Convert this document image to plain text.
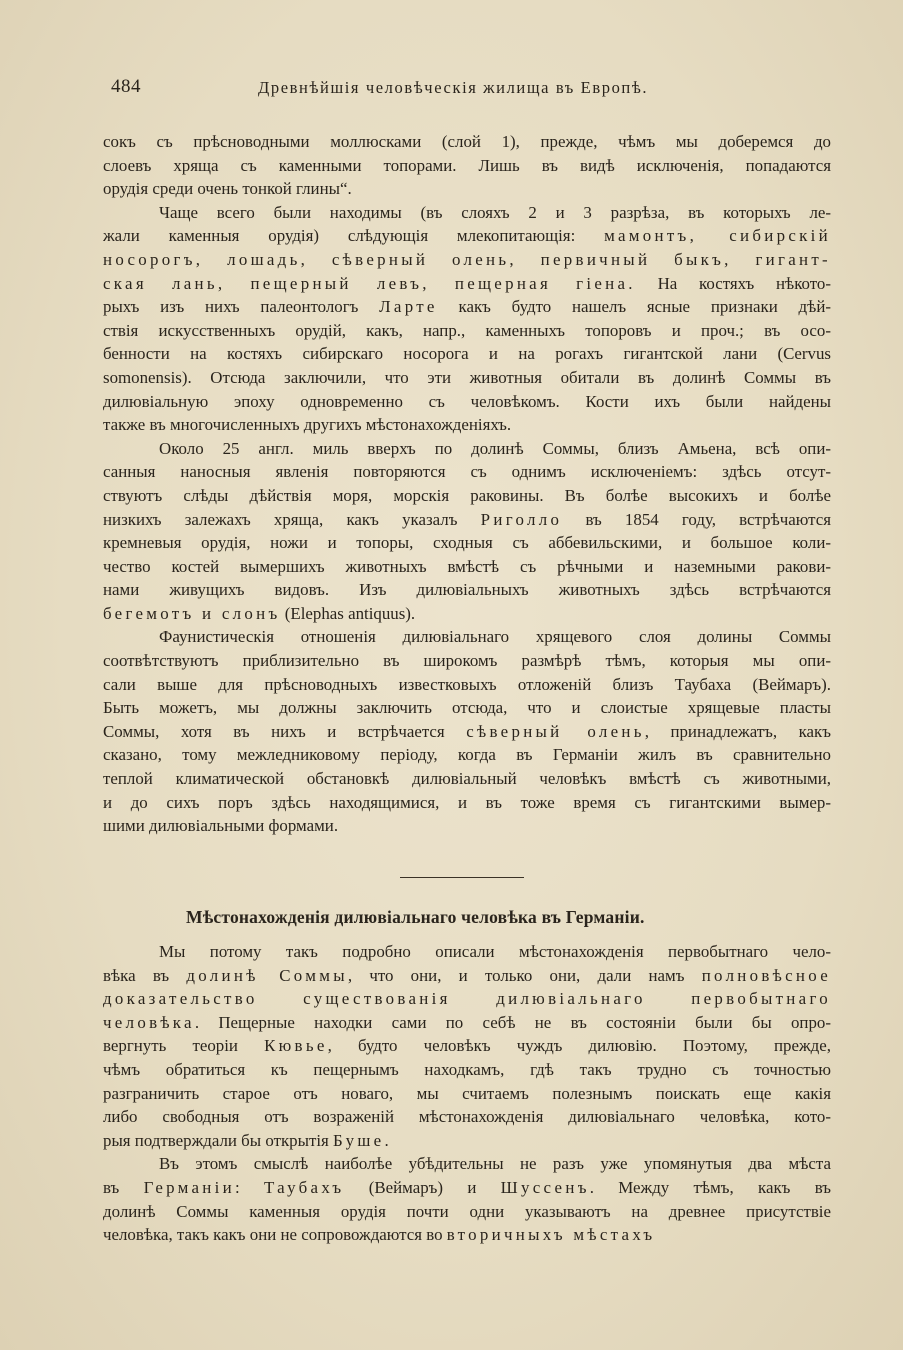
484	Древнѣйшія человѣческія жилища въ Европѣ.
сокъ съ прѣсноводными моллюсками (слой 1), прежде, чѣмъ мы доберемся до
слоевъ хряща съ каменными топорами. Лишь въ видѣ исключенія, попадаются
орудія среди очень тонкой глины“.
Чаще всего были находимы (въ слояхъ 2 и 3 разрѣза, въ которыхъ ле-
жали каменныя орудія) слѣдующія млекопитающія: мамонтъ, сибирскій
носорогъ, лошадь, сѣверный олень, первичный быкъ, гигант-
ская лань, пещерный левъ, пещерная гіена. На костяхъ нѣкото-
рыхъ изъ нихъ палеонтологъ Ларте какъ будто нашелъ ясные признаки дѣй-
ствія искусственныхъ орудій, какъ, напр., каменныхъ топоровъ и проч.; въ осо-
бенности на костяхъ сибирскаго носорога и на рогахъ гигантской лани (Cervus
somonensis). Отсюда заключили, что эти животныя обитали въ долинѣ Соммы въ
дилювіальную эпоху одновременно съ человѣкомъ. Кости ихъ были найдены
также въ многочисленныхъ другихъ мѣстонахожденіяхъ.
Около 25 англ. миль вверхъ по долинѣ Соммы, близъ Амьена, всѣ опи-
санныя наносныя явленія повторяются съ однимъ исключеніемъ: здѣсь отсут-
ствуютъ слѣды дѣйствія моря, морскія раковины. Въ болѣе высокихъ и болѣе
низкихъ залежахъ хряща, какъ указалъ Риголло въ 1854 году, встрѣчаются
кремневыя орудія, ножи и топоры, сходныя съ аббевильскими, и большое коли-
чество костей вымершихъ животныхъ вмѣстѣ съ рѣчными и наземными ракови-
нами живущихъ видовъ. Изъ дилювіальныхъ животныхъ здѣсь встрѣчаются
бегемотъ и слонъ (Elephas antiquus).
Фаунистическія отношенія дилювіальнаго хрящевого слоя долины Соммы
соотвѣтствуютъ приблизительно въ широкомъ размѣрѣ тѣмъ, которыя мы опи-
сали выше для прѣсноводныхъ известковыхъ отложеній близъ Таубаха (Веймаръ).
Быть можетъ, мы должны заключить отсюда, что и слоистые хрящевые пласты
Соммы, хотя въ нихъ и встрѣчается сѣверный олень, принадлежатъ, какъ
сказано, тому межледниковому періоду, когда въ Германіи жилъ въ сравнительно
теплой климатической обстановкѣ дилювіальный человѣкъ вмѣстѣ съ животными,
и до сихъ поръ здѣсь находящимися, и въ тоже время съ гигантскими вымер-
шими дилювіальными формами.
Мѣстонахожденія дилювіальнаго человѣка въ Германіи.
Мы потому такъ подробно описали мѣстонахожденія первобытнаго чело-
вѣка въ долинѣ Соммы, что они, и только они, дали намъ полновѣсное
доказательство существованія дилювіальнаго первобытнаго
человѣка. Пещерные находки сами по себѣ не въ состояніи были бы опро-
вергнуть теоріи Кювье, будто человѣкъ чуждъ дилювію. Поэтому, прежде,
чѣмъ обратиться къ пещернымъ находкамъ, гдѣ такъ трудно съ точностью
разграничить старое отъ новаго, мы считаемъ полезнымъ поискать еще какія
либо свободныя отъ возраженій мѣстонахожденія дилювіальнаго человѣка, кото-
рыя подтверждали бы открытія Буше.
Въ этомъ смыслѣ наиболѣе убѣдительны не разъ уже упомянутыя два мѣста
въ Германіи: Таубахъ (Веймаръ) и Шуссенъ. Между тѣмъ, какъ въ
долинѣ Соммы каменныя орудія почти одни указываютъ на древнее присутствіе
человѣка, такъ какъ они не сопровождаются во вторичныхъ мѣстахъ
